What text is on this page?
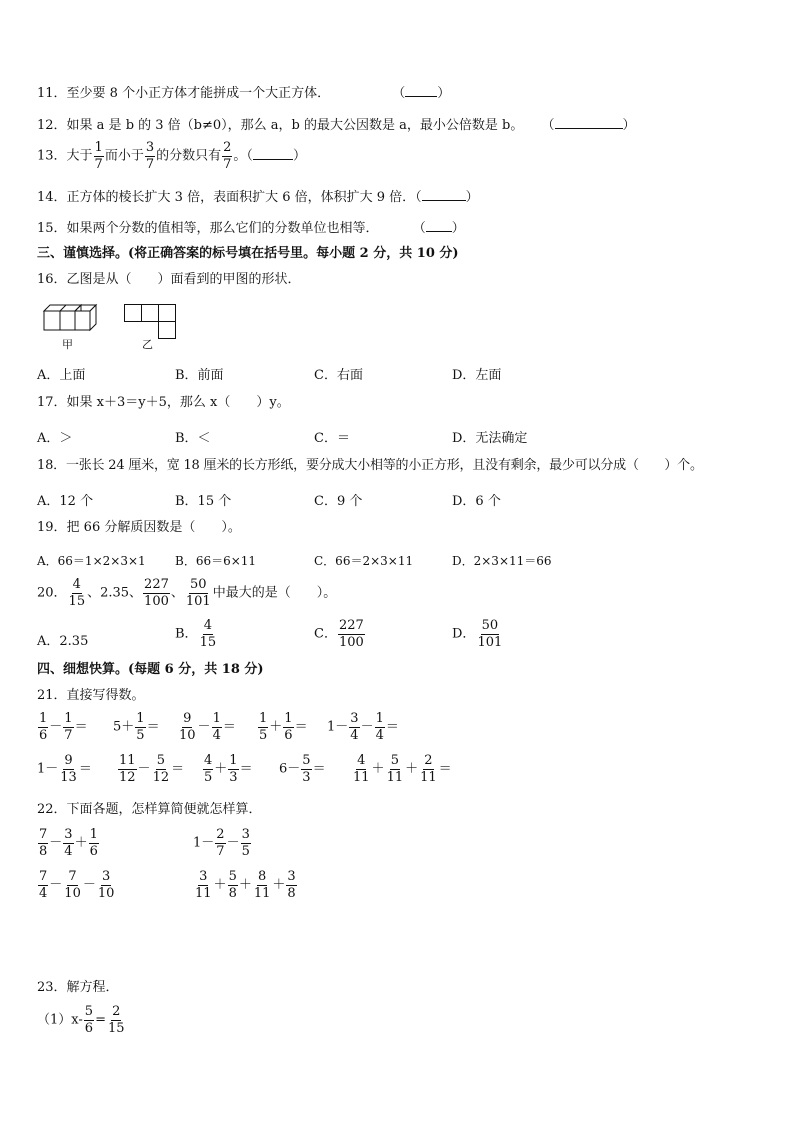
11．至少要 8 个小正方体才能拼成一个大正方体．	（ ）
12．如果 a 是 b 的 3 倍（b≠0），那么 a，b 的最大公因数是 a，最小公倍数是 b。 （	）
13．大于 $\frac{1}{7}$ 而小于 $\frac{3}{7}$ 的分数只有 $\frac{2}{7}$ 。（	）
14．正方体的棱长扩大 3 倍，表面积扩大 6 倍，体积扩大 9 倍．（	）
15．如果两个分数的值相等，那么它们的分数单位也相等．	（ ）
三、谨慎选择。(将正确答案的标号填在括号里。每小题 2 分，共 10 分)
16．乙图是从（　　）面看到的甲图的形状．
甲	乙
A．上面	B．前面	C．右面	D．左面
17．如果 x＋3＝y＋5，那么 x（　　）y。
A．＞	B．＜	C．＝	D．无法确定
18．一张长 24 厘米，宽 18 厘米的长方形纸，要分成大小相等的小正方形，且没有剩余，最少可以分成（　　）个。
A．12 个	B．15 个	C．9 个	D．6 个
19．把 66 分解质因数是（　　）。
A．66＝1×2×3×1 B．66＝6×11	C．66＝2×3×11	D．2×3×11＝66
20． $\frac{4}{15}$ 、2.35、 $\frac{227}{100}$ 、 $\frac{50}{101}$ 中最大的是（　　）。
A．2.35	B． $\frac{4}{15}$	C． $\frac{227}{100}$	D． $\frac{50}{101}$
四、细想快算。(每题 6 分，共 18 分)
21．直接写得数。
$\frac{1}{6} - \frac{1}{7} = 5+ \frac{1}{5} = \frac{9}{10} - \frac{1}{4} = \frac{1}{5} + \frac{1}{6} = 1- \frac{3}{4} - \frac{1}{4}$ ＝
$1- \frac{9}{13} = \frac{11}{12} - \frac{5}{12} = \frac{4}{5} + \frac{1}{3} = 6- \frac{5}{3} = \frac{4}{11} + \frac{5}{11} + \frac{2}{11}$ ＝
22．下面各题，怎样算简便就怎样算．
$\frac{7}{8} - \frac{3}{4} + \frac{1}{6}$	$1- \frac{2}{7} - \frac{3}{5}$
$\frac{7}{4} - \frac{7}{10} - \frac{3}{10}$	$\frac{3}{11} + \frac{5}{8} + \frac{8}{11} + \frac{3}{8}$
23．解方程．
$(1)x- \frac{5}{6} = \frac{2}{15}$
